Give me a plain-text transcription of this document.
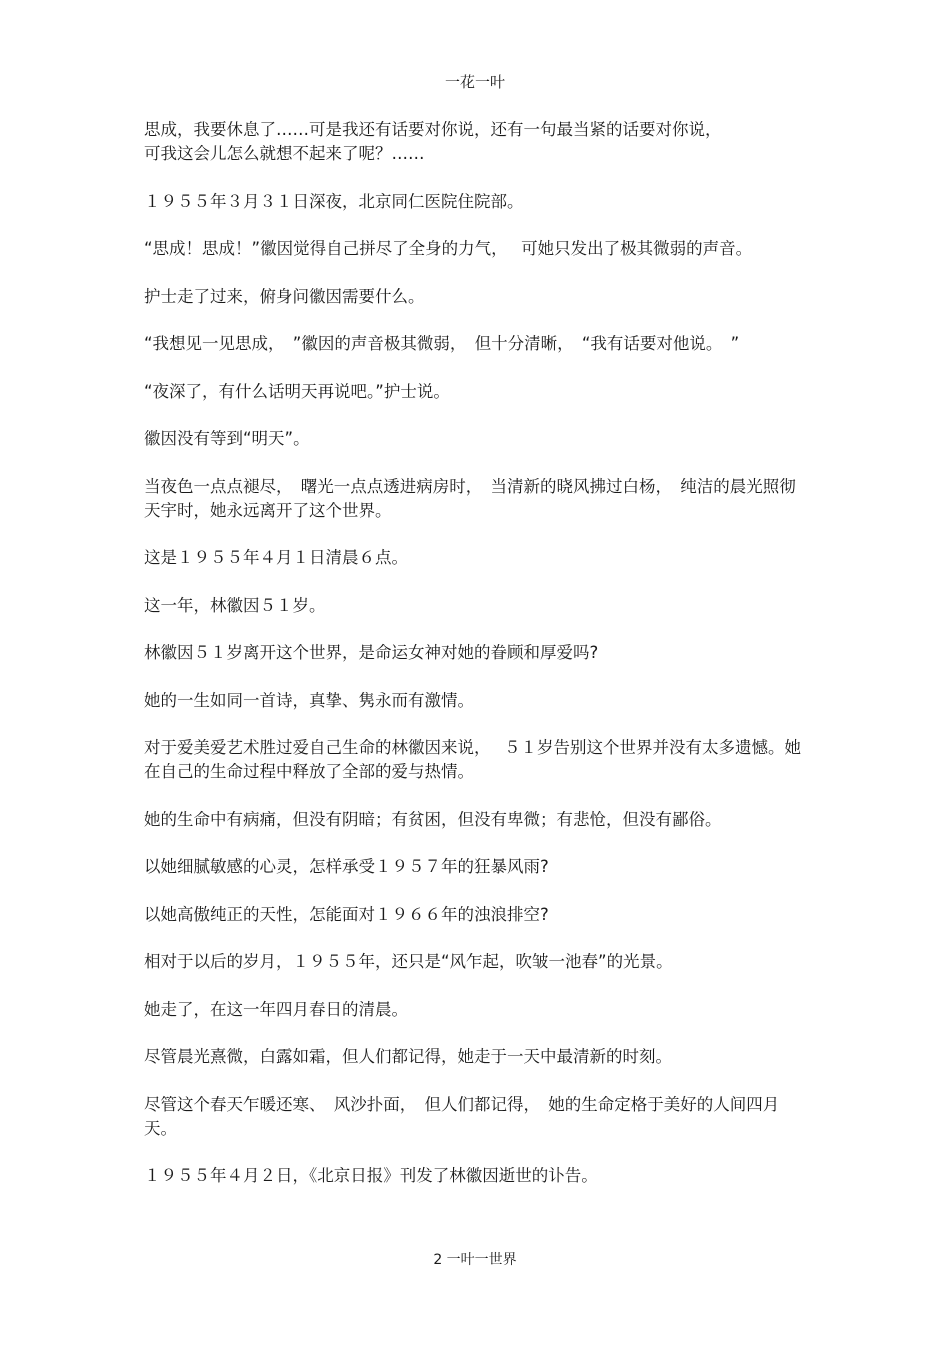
一花一叶

思成，我要休息了……可是我还有话要对你说，还有一句最当紧的话要对你说，
可我这会儿怎么就想不起来了呢？……

１９５５年３月３１日深夜，北京同仁医院住院部。

“思成！思成！”徽因觉得自己拼尽了全身的力气，　 可她只发出了极其微弱的声音。

护士走了过来，俯身问徽因需要什么。

“我想见一见思成，　”徽因的声音极其微弱，　但十分清晰，　“我有话要对他说。　”

“夜深了，有什么话明天再说吧。”护士说。

徽因没有等到“明天”。

当夜色一点点褪尽，　曙光一点点透进病房时，　当清新的晓风拂过白杨，　纯洁的晨光照彻天宇时，她永远离开了这个世界。

这是１９５５年４月１日清晨６点。

这一年，林徽因５１岁。

林徽因５１岁离开这个世界，是命运女神对她的眷顾和厚爱吗?

她的一生如同一首诗，真挚、隽永而有激情。

对于爱美爱艺术胜过爱自己生命的林徽因来说，　 ５１岁告别这个世界并没有太多遗憾。她在自己的生命过程中释放了全部的爱与热情。

她的生命中有病痛，但没有阴暗；有贫困，但没有卑微；有悲怆，但没有鄙俗。

以她细腻敏感的心灵，怎样承受１９５７年的狂暴风雨?

以她高傲纯正的天性，怎能面对１９６６年的浊浪排空?

相对于以后的岁月，１９５５年，还只是“风乍起，吹皱一池春”的光景。

她走了，在这一年四月春日的清晨。

尽管晨光熹微，白露如霜，但人们都记得，她走于一天中最清新的时刻。

尽管这个春天乍暖还寒、　风沙扑面，　但人们都记得，　她的生命定格于美好的人间四月天。

１９５５年４月２日，《北京日报》刊发了林徽因逝世的讣告。

2 一叶一世界
